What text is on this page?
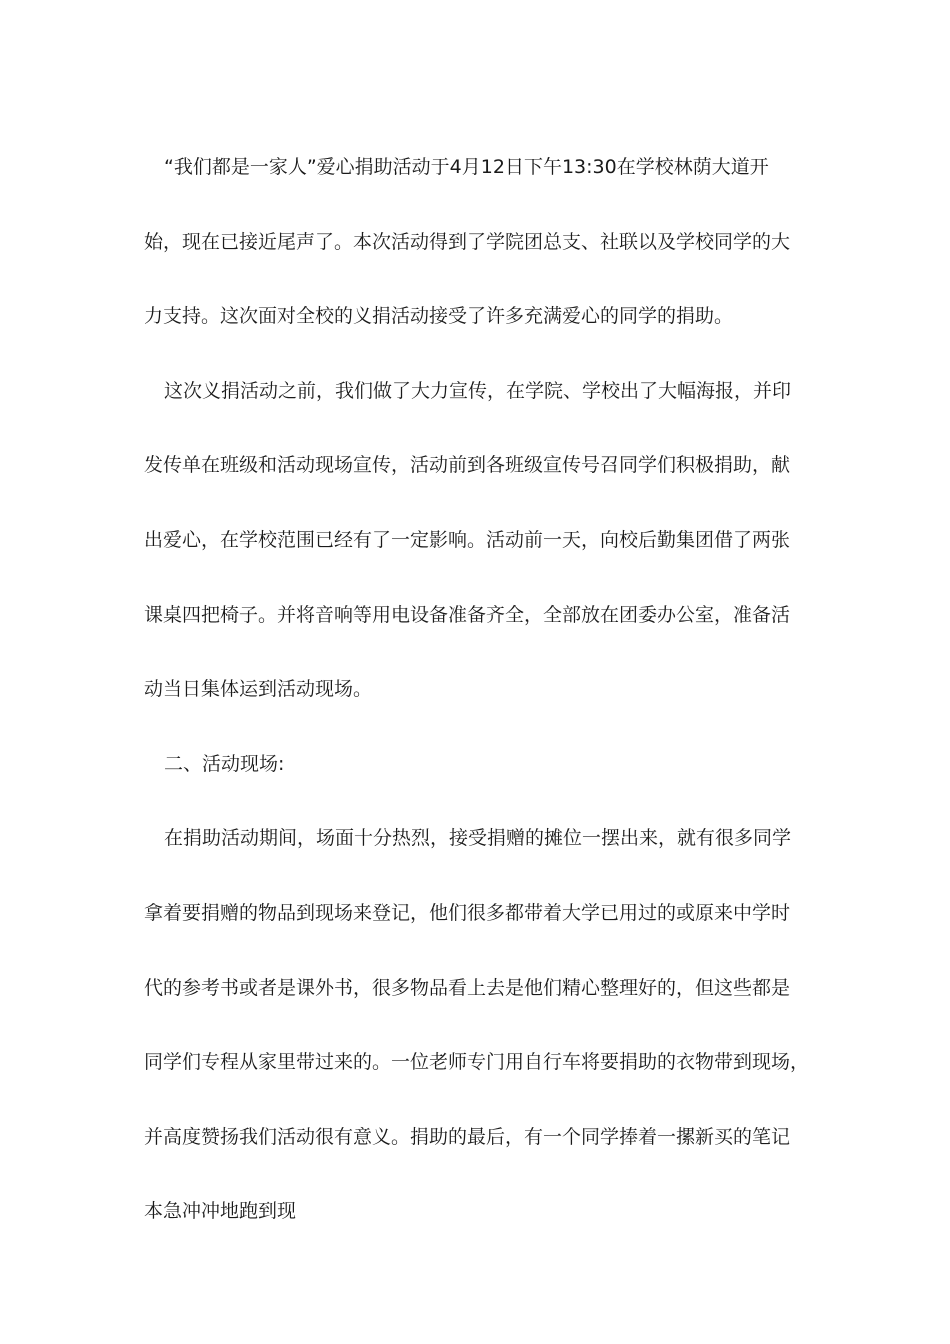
“我们都是一家人”爱心捐助活动于4月12日下午13:30在学校林荫大道开
始，现在已接近尾声了。本次活动得到了学院团总支、社联以及学校同学的大
力支持。这次面对全校的义捐活动接受了许多充满爱心的同学的捐助。
这次义捐活动之前，我们做了大力宣传，在学院、学校出了大幅海报，并印
发传单在班级和活动现场宣传，活动前到各班级宣传号召同学们积极捐助，献
出爱心，在学校范围已经有了一定影响。活动前一天，向校后勤集团借了两张
课桌四把椅子。并将音响等用电设备准备齐全，全部放在团委办公室，准备活
动当日集体运到活动现场。
二、活动现场:
在捐助活动期间，场面十分热烈，接受捐赠的摊位一摆出来，就有很多同学
拿着要捐赠的物品到现场来登记，他们很多都带着大学已用过的或原来中学时
代的参考书或者是课外书，很多物品看上去是他们精心整理好的，但这些都是
同学们专程从家里带过来的。一位老师专门用自行车将要捐助的衣物带到现场，
并高度赞扬我们活动很有意义。捐助的最后，有一个同学捧着一摞新买的笔记
本急冲冲地跑到现
